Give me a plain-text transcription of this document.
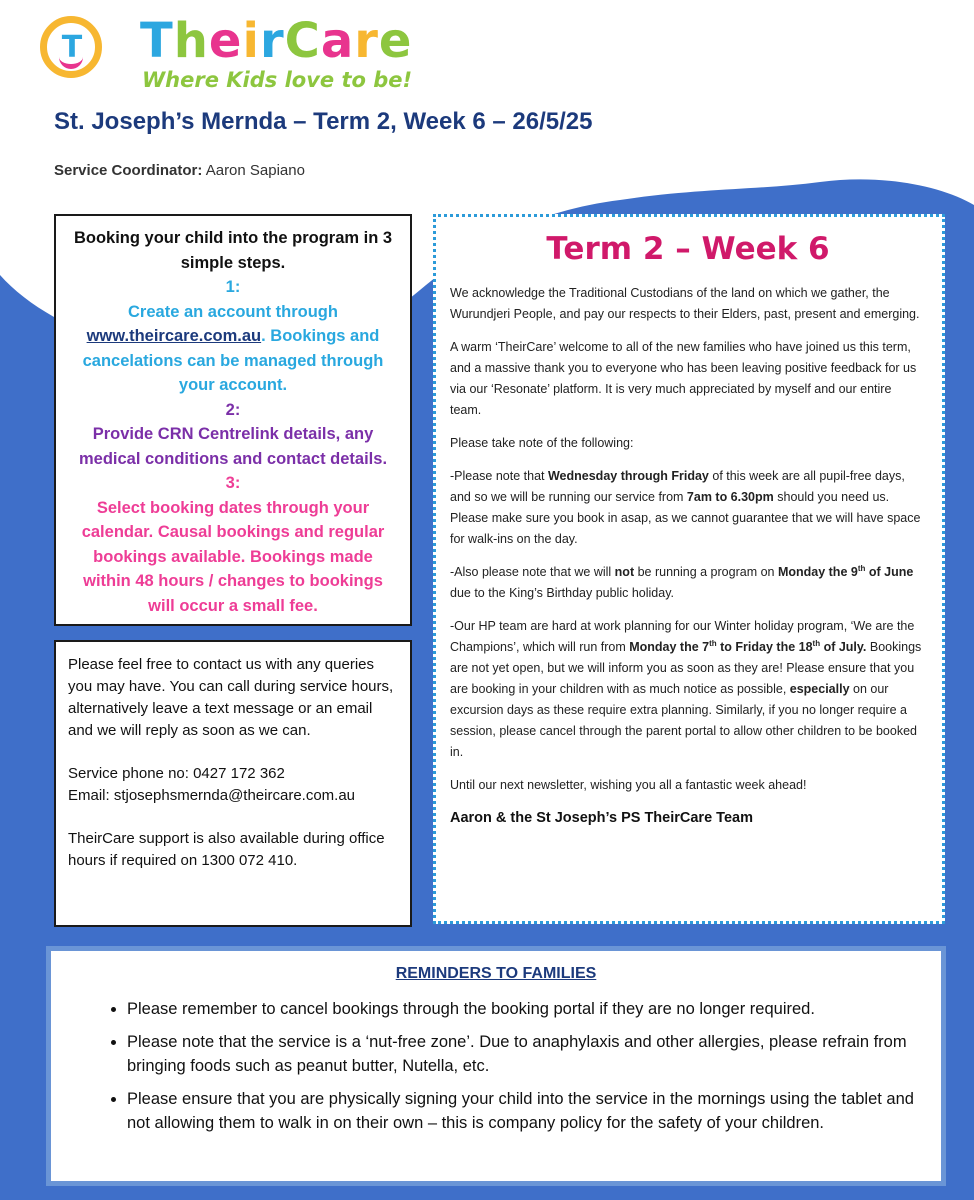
T TheirCare
Where Kids love to be!
St. Joseph’s Mernda – Term 2, Week 6 – 26/5/25
Service Coordinator: Aaron Sapiano
Booking your child into the program in 3 simple steps.
1:
Create an account through www.theircare.com.au. Bookings and cancelations can be managed through your account.
2:
Provide CRN Centrelink details, any medical conditions and contact details.
3:
Select booking dates through your calendar. Causal bookings and regular bookings available. Bookings made within 48 hours / changes to bookings will occur a small fee.

Please feel free to contact us with any queries you may have. You can call during service hours, alternatively leave a text message or an email and we will reply as soon as we can.

Service phone no: 0427 172 362
Email: stjosephsmernda@theircare.com.au

TheirCare support is also available during office hours if required on 1300 072 410.

Term 2 – Week 6

We acknowledge the Traditional Custodians of the land on which we gather, the Wurundjeri People, and pay our respects to their Elders, past, present and emerging.

A warm ‘TheirCare’ welcome to all of the new families who have joined us this term, and a massive thank you to everyone who has been leaving positive feedback for us via our ‘Resonate’ platform. It is very much appreciated by myself and our entire team.

Please take note of the following:

-Please note that Wednesday through Friday of this week are all pupil-free days, and so we will be running our service from 7am to 6.30pm should you need us. Please make sure you book in asap, as we cannot guarantee that we will have space for walk-ins on the day.

-Also please note that we will not be running a program on Monday the 9th of June due to the King’s Birthday public holiday.

-Our HP team are hard at work planning for our Winter holiday program, ‘We are the Champions’, which will run from Monday the 7th to Friday the 18th of July. Bookings are not yet open, but we will inform you as soon as they are! Please ensure that you are booking in your children with as much notice as possible, especially on our excursion days as these require extra planning. Similarly, if you no longer require a session, please cancel through the parent portal to allow other children to be booked in.

Until our next newsletter, wishing you all a fantastic week ahead!

Aaron & the St Joseph’s PS TheirCare Team
REMINDERS TO FAMILIES
• Please remember to cancel bookings through the booking portal if they are no longer required.
• Please note that the service is a ‘nut-free zone’. Due to anaphylaxis and other allergies, please refrain from bringing foods such as peanut butter, Nutella, etc.
• Please ensure that you are physically signing your child into the service in the mornings using the tablet and not allowing them to walk in on their own – this is company policy for the safety of your children.
